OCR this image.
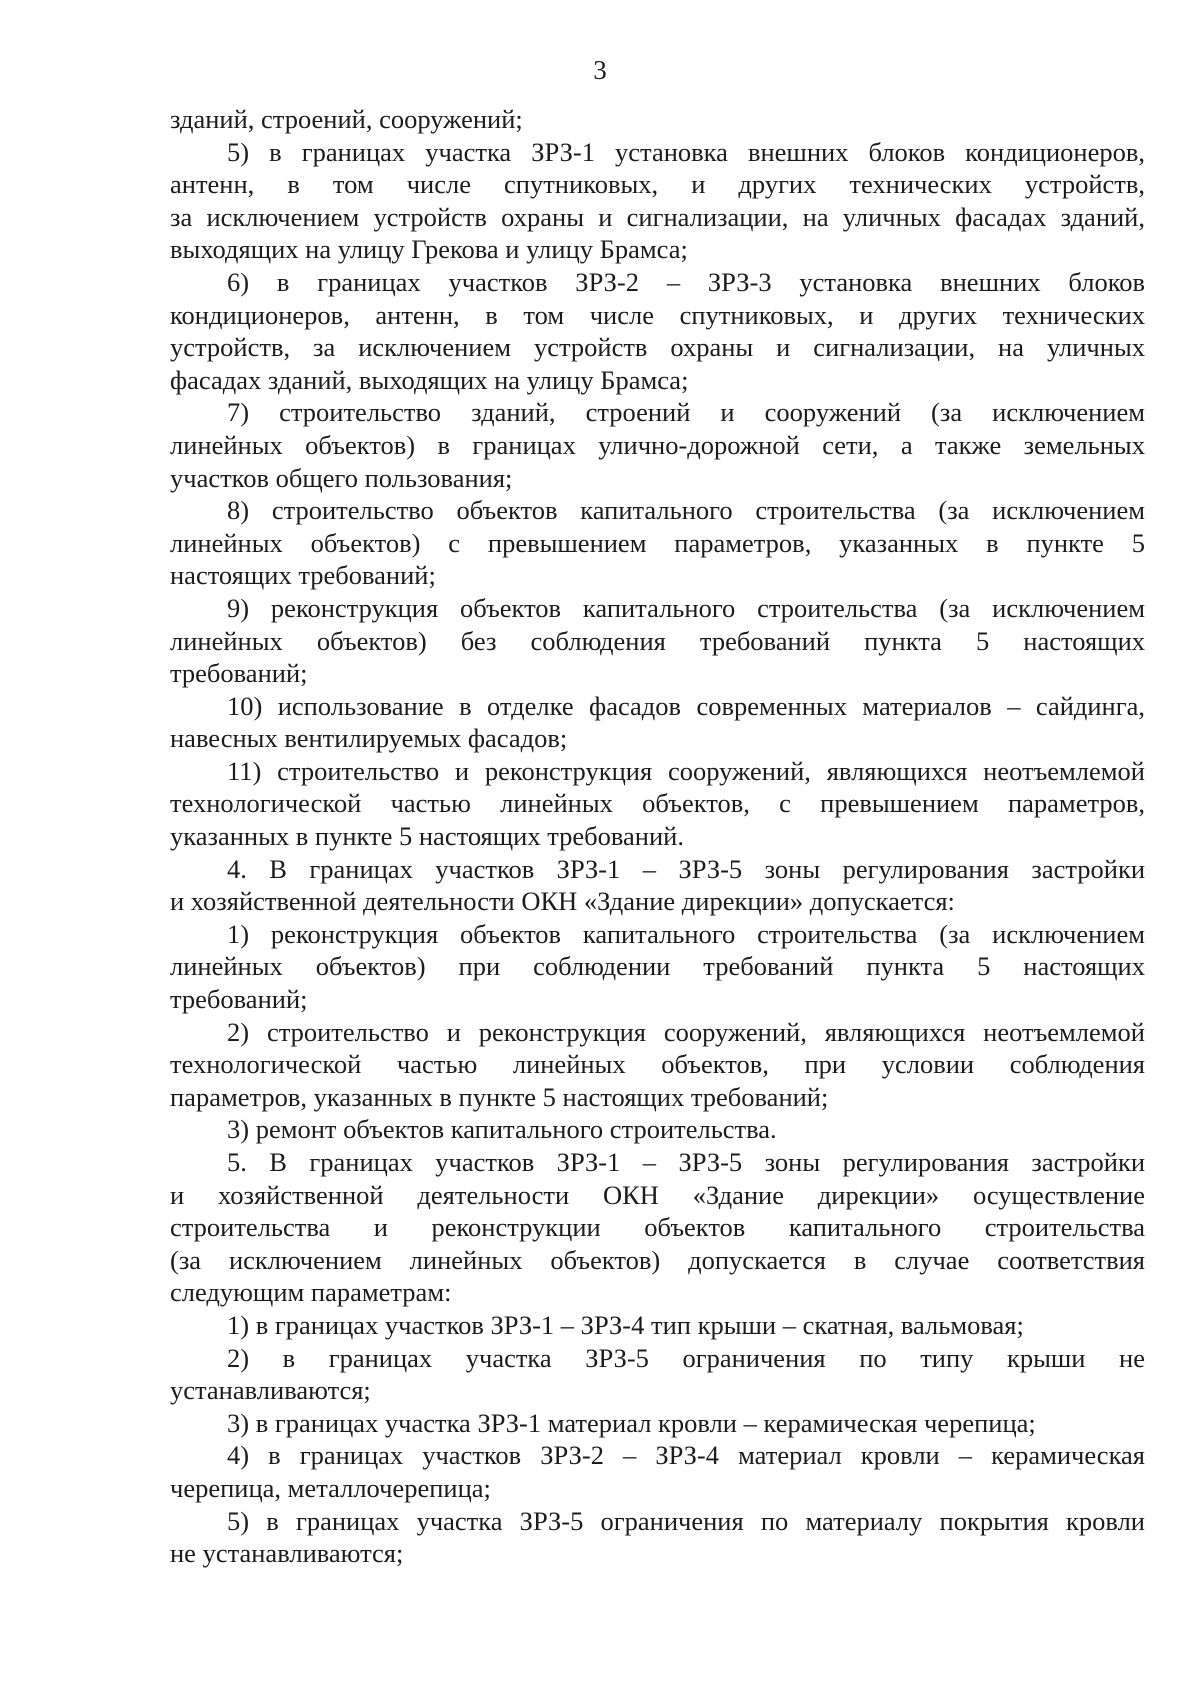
3
зданий, строений, сооружений;
5) в границах участка ЗРЗ-1 установка внешних блоков кондиционеров,
антенн, в том числе спутниковых, и других технических устройств,
за исключением устройств охраны и сигнализации, на уличных фасадах зданий,
выходящих на улицу Грекова и улицу Брамса;
6) в границах участков ЗРЗ-2 – ЗРЗ-3 установка внешних блоков
кондиционеров, антенн, в том числе спутниковых, и других технических
устройств, за исключением устройств охраны и сигнализации, на уличных
фасадах зданий, выходящих на улицу Брамса;
7) строительство зданий, строений и сооружений (за исключением
линейных объектов) в границах улично-дорожной сети, а также земельных
участков общего пользования;
8) строительство объектов капитального строительства (за исключением
линейных объектов) с превышением параметров, указанных в пункте 5
настоящих требований;
9) реконструкция объектов капитального строительства (за исключением
линейных объектов) без соблюдения требований пункта 5 настоящих
требований;
10) использование в отделке фасадов современных материалов – сайдинга,
навесных вентилируемых фасадов;
11) строительство и реконструкция сооружений, являющихся неотъемлемой
технологической частью линейных объектов, с превышением параметров,
указанных в пункте 5 настоящих требований.
4. В границах участков ЗРЗ-1 – ЗРЗ-5 зоны регулирования застройки
и хозяйственной деятельности ОКН «Здание дирекции» допускается:
1) реконструкция объектов капитального строительства (за исключением
линейных объектов) при соблюдении требований пункта 5 настоящих
требований;
2) строительство и реконструкция сооружений, являющихся неотъемлемой
технологической частью линейных объектов, при условии соблюдения
параметров, указанных в пункте 5 настоящих требований;
3) ремонт объектов капитального строительства.
5. В границах участков ЗРЗ-1 – ЗРЗ-5 зоны регулирования застройки
и хозяйственной деятельности ОКН «Здание дирекции» осуществление
строительства и реконструкции объектов капитального строительства
(за исключением линейных объектов) допускается в случае соответствия
следующим параметрам:
1) в границах участков ЗРЗ-1 – ЗРЗ-4 тип крыши – скатная, вальмовая;
2) в границах участка ЗРЗ-5 ограничения по типу крыши не
устанавливаются;
3) в границах участка ЗРЗ-1 материал кровли – керамическая черепица;
4) в границах участков ЗРЗ-2 – ЗРЗ-4 материал кровли – керамическая
черепица, металлочерепица;
5) в границах участка ЗРЗ-5 ограничения по материалу покрытия кровли
не устанавливаются;
